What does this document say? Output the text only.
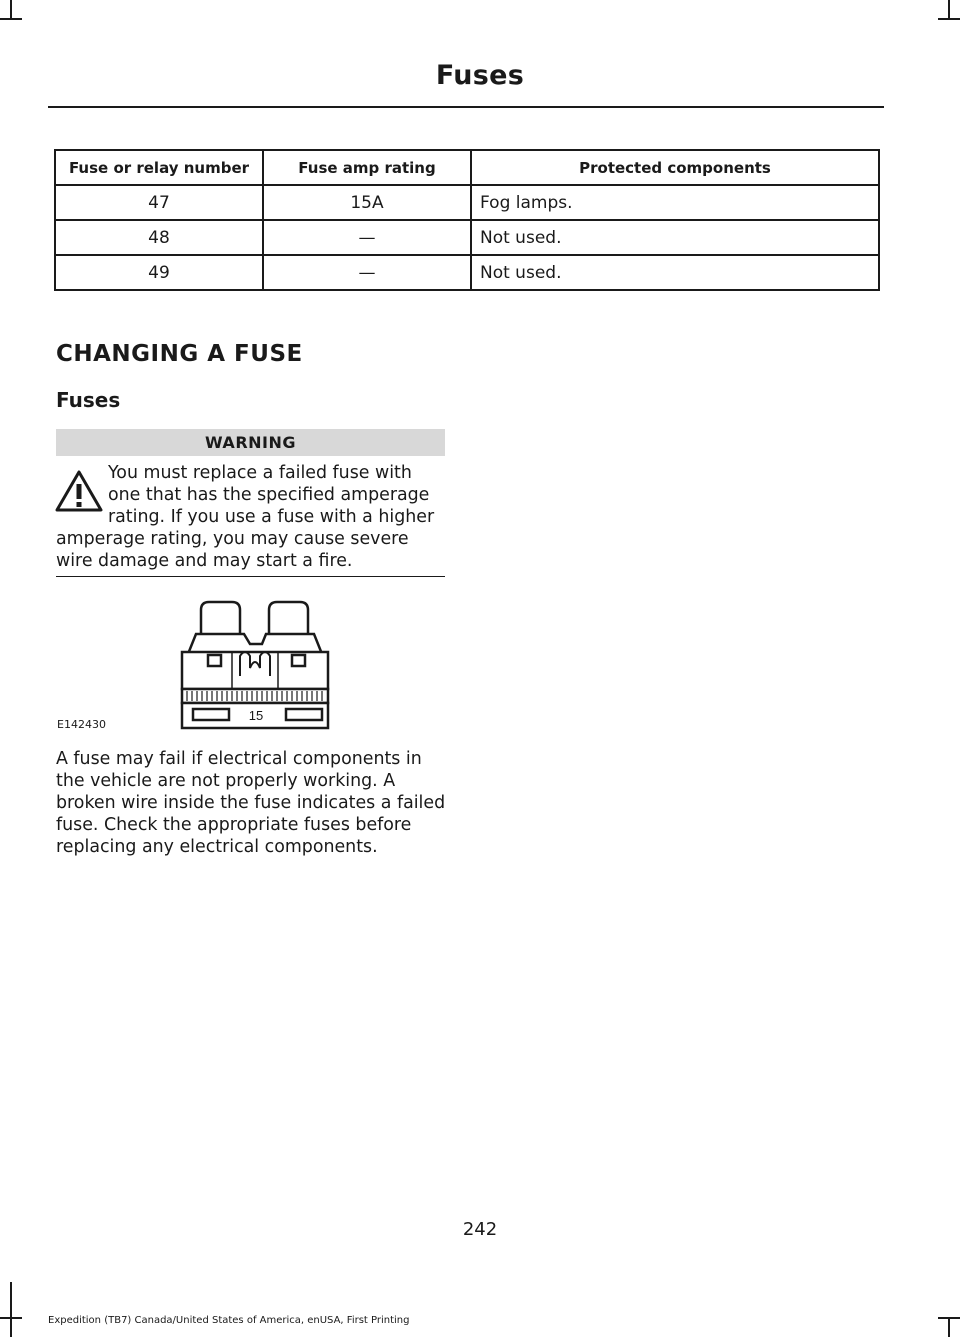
Fuses
Fuse or relay number	Fuse amp rating	Protected components
47	15A	Fog lamps.
48	—	Not used.
49	—	Not used.
CHANGING A FUSE
Fuses
WARNING
You must replace a failed fuse with one that has the specified amperage rating. If you use a fuse with a higher amperage rating, you may cause severe wire damage and may start a fire.
15
E142430
A fuse may fail if electrical components in the vehicle are not properly working. A broken wire inside the fuse indicates a failed fuse. Check the appropriate fuses before replacing any electrical components.
242
Expedition (TB7) Canada/United States of America, enUSA, First Printing
